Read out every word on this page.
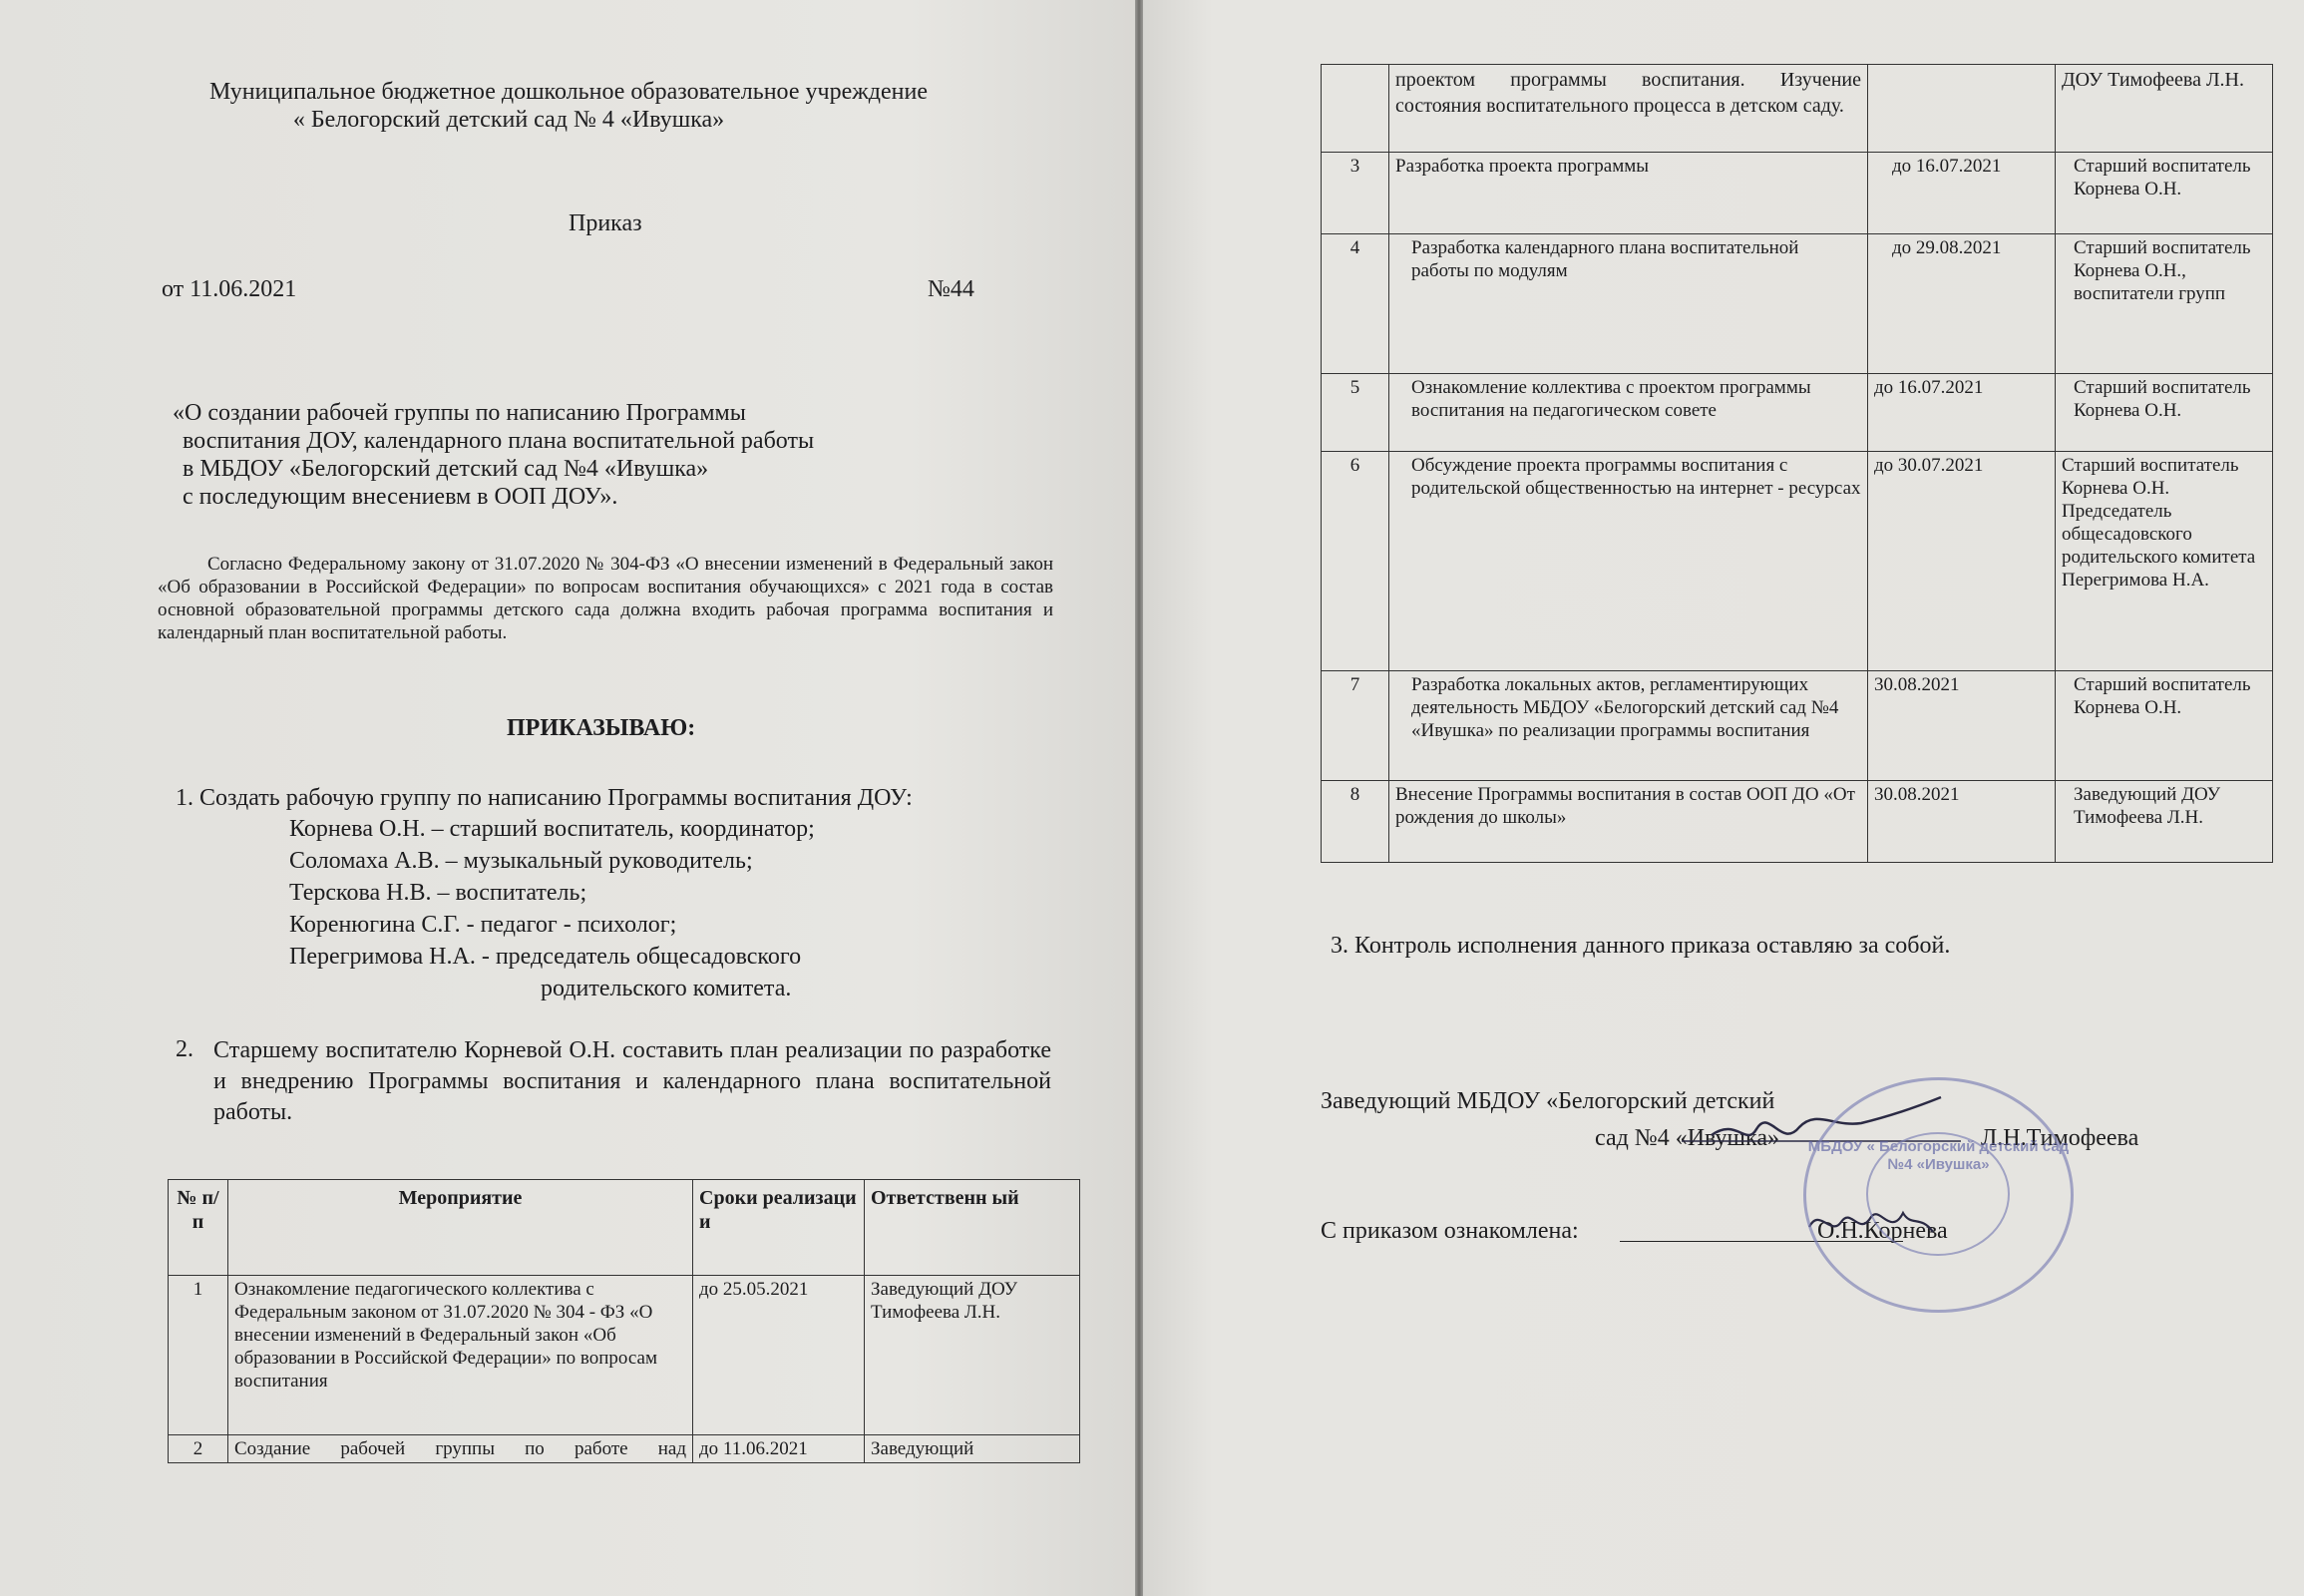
Муниципальное бюджетное дошкольное образовательное учреждение
« Белогорский детский сад № 4 «Ивушка»
Приказ
от 11.06.2021	№44
«О создании рабочей группы по написанию Программы
воспитания ДОУ, календарного плана воспитательной работы
в МБДОУ «Белогорский детский сад №4 «Ивушка»
с последующим внесениевм в ООП ДОУ».
Согласно Федеральному закону от 31.07.2020 № 304-ФЗ «О внесении изменений в Федеральный закон «Об образовании в Российской Федерации» по вопросам воспитания обучающихся» с 2021 года в состав основной образовательной программы детского сада должна входить рабочая программа воспитания и календарный план воспитательной работы.
ПРИКАЗЫВАЮ:
1. Создать рабочую группу по написанию Программы воспитания ДОУ:
Корнева О.Н. – старший воспитатель, координатор;
Соломаха А.В. – музыкальный руководитель;
Терскова Н.В. – воспитатель;
Коренюгина С.Г. - педагог - психолог;
Перегримова Н.А. - председатель общесадовского
родительского комитета.
2. Старшему воспитателю Корневой О.Н. составить план реализации по разработке и внедрению Программы воспитания и календарного плана воспитательной работы.
№ п/ п	Мероприятие	Сроки реализаци и	Ответственн ый
1	Ознакомление педагогического коллектива с Федеральным законом от 31.07.2020 № 304 - ФЗ «О внесении изменений в Федеральный закон «Об образовании в Российской Федерации» по вопросам воспитания	до 25.05.2021	Заведующий ДОУ Тимофеева Л.Н.
2	Создание рабочей группы по работе над	до 11.06.2021	Заведующий
	проектом программы воспитания. Изучение состояния воспитательного процесса в детском саду.		ДОУ Тимофеева Л.Н.
3	Разработка проекта программы	до 16.07.2021	Старший воспитатель Корнева О.Н.
4	Разработка календарного плана воспитательной работы по модулям	до 29.08.2021	Старший воспитатель Корнева О.Н., воспитатели групп
5	Ознакомление коллектива с проектом программы воспитания на педагогическом совете	до 16.07.2021	Старший воспитатель Корнева О.Н.
6	Обсуждение проекта программы воспитания с родительской общественностью на интернет - ресурсах	до 30.07.2021	Старший воспитатель Корнева О.Н. Председатель общесадовского родительского комитета Перегримова Н.А.
7	Разработка локальных актов, регламентирующих деятельность МБДОУ «Белогорский детский сад №4 «Ивушка» по реализации программы воспитания	30.08.2021	Старший воспитатель Корнева О.Н.
8	Внесение Программы воспитания в состав ООП ДО «От рождения до школы»	30.08.2021	Заведующий ДОУ Тимофеева Л.Н.
3. Контроль исполнения данного приказа оставляю за собой.
Заведующий МБДОУ «Белогорский детский
сад №4 «Ивушка»	Л.Н.Тимофеева
С приказом ознакомлена:	О.Н.Корнева
МБДОУ « Белогорский детский сад №4 «Ивушка»
